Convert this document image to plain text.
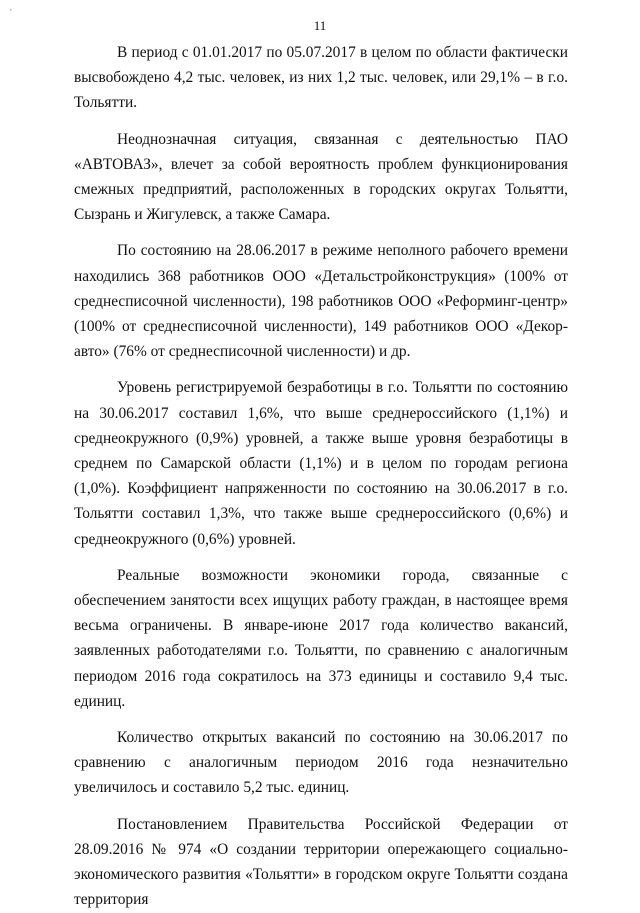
'
11

В период с 01.01.2017 по 05.07.2017 в целом по области фактически высвобождено 4,2 тыс. человек, из них 1,2 тыс. человек, или 29,1% – в г.о. Тольятти.

Неоднозначная ситуация, связанная с деятельностью ПАО «АВТОВАЗ», влечет за собой вероятность проблем функционирования смежных предприятий, расположенных в городских округах Тольятти, Сызрань и Жигулевск, а также Самара.

По состоянию на 28.06.2017 в режиме неполного рабочего времени находились 368 работников ООО «Детальстройконструкция» (100% от среднесписочной численности), 198 работников ООО «Реформинг-центр» (100% от среднесписочной численности), 149 работников ООО «Декор-авто» (76% от среднесписочной численности) и др.

Уровень регистрируемой безработицы в г.о. Тольятти по состоянию на 30.06.2017 составил 1,6%, что выше среднероссийского (1,1%) и среднеокружного (0,9%) уровней, а также выше уровня безработицы в среднем по Самарской области (1,1%) и в целом по городам региона (1,0%). Коэффициент напряженности по состоянию на 30.06.2017 в г.о. Тольятти составил 1,3%, что также выше среднероссийского (0,6%) и среднеокружного (0,6%) уровней.

Реальные возможности экономики города, связанные с обеспечением занятости всех ищущих работу граждан, в настоящее время весьма ограничены. В январе-июне 2017 года количество вакансий, заявленных работодателями г.о. Тольятти, по сравнению с аналогичным периодом 2016 года сократилось на 373 единицы и составило 9,4 тыс. единиц.

Количество открытых вакансий по состоянию на 30.06.2017 по сравнению с аналогичным периодом 2016 года незначительно увеличилось и составило 5,2 тыс. единиц.

Постановлением Правительства Российской Федерации от 28.09.2016 № 974 «О создании территории опережающего социально-экономического развития «Тольятти» в городском округе Тольятти создана территория
